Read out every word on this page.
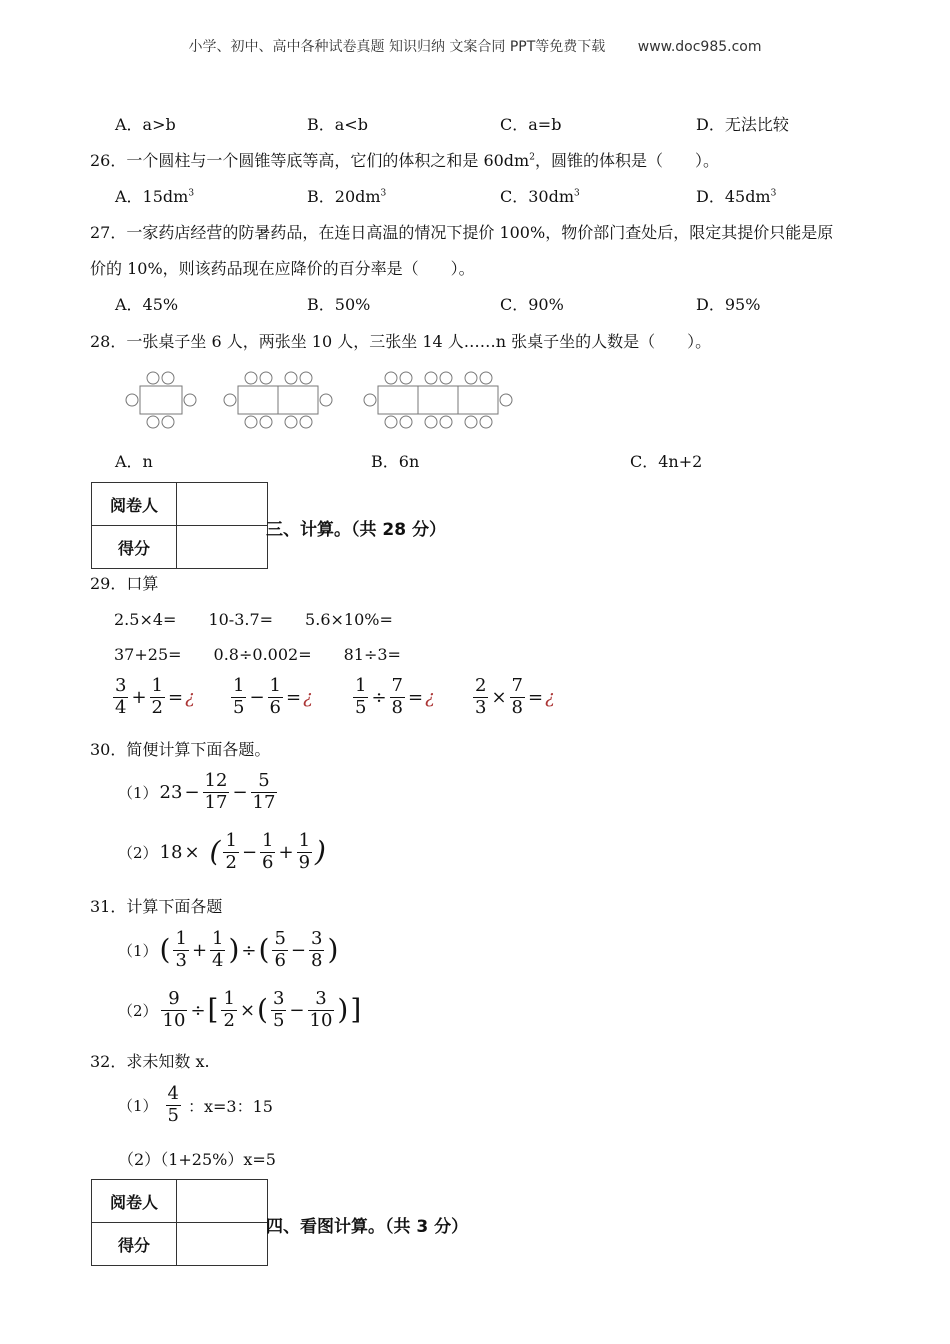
小学、初中、高中各种试卷真题 知识归纳 文案合同 PPT等免费下载 www.doc985.com
A．a>b	B．a<b	C．a=b	D．无法比较
26．一个圆柱与一个圆锥等底等高，它们的体积之和是 $60dm^2$，圆锥的体积是（　　）。
A．$15dm^3$	B．$20dm^3$	C．$30dm^3$	D．$45dm^3$
27．一家药店经营的防暑药品，在连日高温的情况下提价 100%，物价部门查处后，限定其提价只能是原
价的 10%，则该药品现在应降价的百分率是（　　）。
A．45%	B．50%	C．90%	D．95%
28．一张桌子坐 6 人，两张坐 10 人，三张坐 14 人……n 张桌子坐的人数是（　　）。
A．n	B．6n	C．4n+2
阅卷人	
得分	
三、计算。（共 28 分）
29．口算
2.5×4=　　10-3.7=　　5.6×10%=
37+25=　　0.8÷0.002=　　81÷3=
$\frac{3}{4} + \frac{1}{2}$ = ¿ $\frac{1}{5} - \frac{1}{6}$ = ¿ $\frac{1}{5} \div \frac{7}{8}$ = ¿ $\frac{2}{3} \times \frac{7}{8}$ = ¿
30．简便计算下面各题。
（1） $23 - \frac{12}{17} - \frac{5}{17}$
（2） 18 × ( $\frac{1}{2} - \frac{1}{6} + \frac{1}{9}$ )
31．计算下面各题
（1） ( $\frac{1}{3} + \frac{1}{4}$ ) ÷ ( $\frac{5}{6} - \frac{3}{8}$ )
$(2) \frac{9}{10}$ ÷ [ $\frac{1}{2}$ × ( $\frac{3}{5} - \frac{3}{10}$ ) ]
32．求未知数 x.
$(1) \frac{4}{5}$ ：x=3：15
（2）（1+25%）x=5
阅卷人	
得分	
四、看图计算。（共 3 分）
